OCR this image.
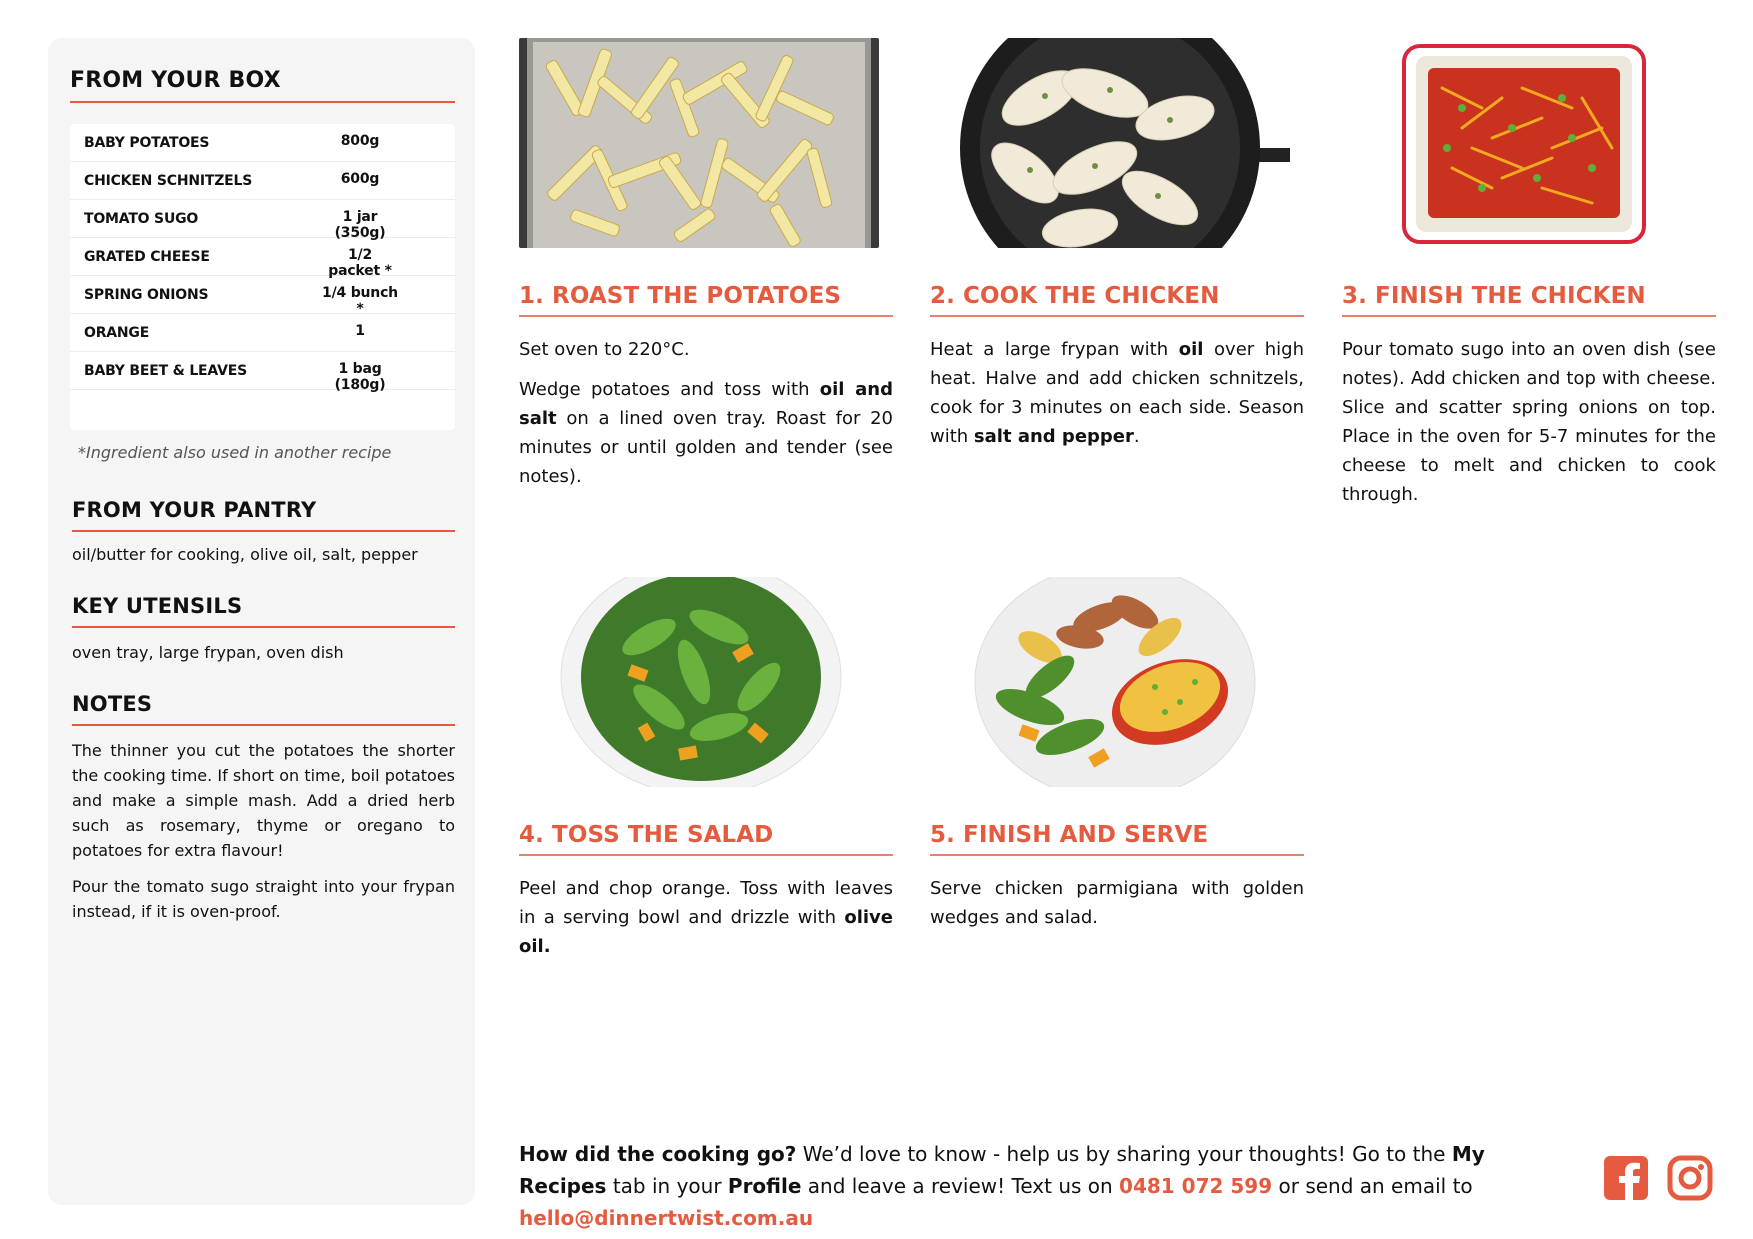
FROM YOUR BOX
BABY POTATOES	800g
CHICKEN SCHNITZELS	600g
TOMATO SUGO	1 jar (350g)
GRATED CHEESE	1/2 packet *
SPRING ONIONS	1/4 bunch *
ORANGE	1
BABY BEET & LEAVES	1 bag (180g)
*Ingredient also used in another recipe
FROM YOUR PANTRY
oil/butter for cooking, olive oil, salt, pepper
KEY UTENSILS
oven tray, large frypan, oven dish
NOTES
The thinner you cut the potatoes the shorter the cooking time. If short on time, boil potatoes and make a simple mash. Add a dried herb such as rosemary, thyme or oregano to potatoes for extra flavour!
Pour the tomato sugo straight into your frypan instead, if it is oven-proof.
1. ROAST THE POTATOES

Set oven to 220°C.

Wedge potatoes and toss with oil and salt on a lined oven tray. Roast for 20 minutes or until golden and tender (see notes).

2. COOK THE CHICKEN

Heat a large frypan with oil over high heat. Halve and add chicken schnitzels, cook for 3 minutes on each side. Season with salt and pepper.

3. FINISH THE CHICKEN

Pour tomato sugo into an oven dish (see notes). Add chicken and top with cheese. Slice and scatter spring onions on top. Place in the oven for 5-7 minutes for the cheese to melt and chicken to cook through.

4. TOSS THE SALAD

Peel and chop orange. Toss with leaves in a serving bowl and drizzle with olive oil.

5. FINISH AND SERVE

Serve chicken parmigiana with golden wedges and salad.

How did the cooking go? We’d love to know - help us by sharing your thoughts! Go to the My Recipes tab in your Profile and leave a review! Text us on 0481 072 599 or send an email to hello@dinnertwist.com.au
